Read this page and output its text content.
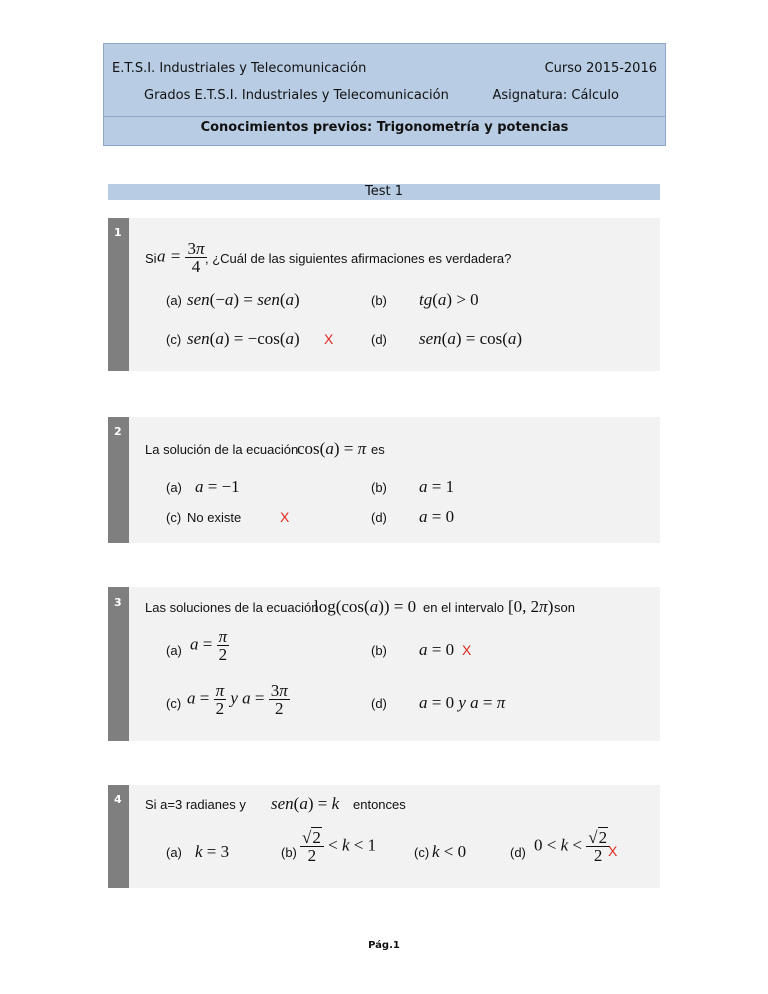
E.T.S.I. Industriales y Telecomunicación	Curso 2015-2016
Grados E.T.S.I. Industriales y Telecomunicación	Asignatura: Cálculo
Conocimientos previos: Trigonometría y potencias
Test 1
1
Si $a = \frac{3\pi}{4}$
, ¿Cuál de las siguientes afirmaciones es verdadera?
(a) sen(−a) = sen(a)	(b) tg(a) > 0
(c) sen(a) = −cos(a) X	(d) sen(a) = cos(a)
2
La solución de la ecuación
cos(a) = π es
(a) a = −1	(b) a = 1
(c) No existe	X	(d) a = 0
3 Las soluciones de la ecuación
log(cos(a)) = 0 en el intervalo [0, 2π) son
(a) $a = \frac{\pi}{2}$	(b) a = 0 X
(c) $a = \frac{\pi}{2}$ y $a = \frac{3\pi}{2}$	(d) a = 0 y a = π
4 Si a=3 radianes y sen(a) = k entonces
(a) k = 3	$(b) \frac{√2}{2} < k < 1$	(c) k < 0	(d) $0 < k < \frac{√2}{2}$
X
Pág.1
